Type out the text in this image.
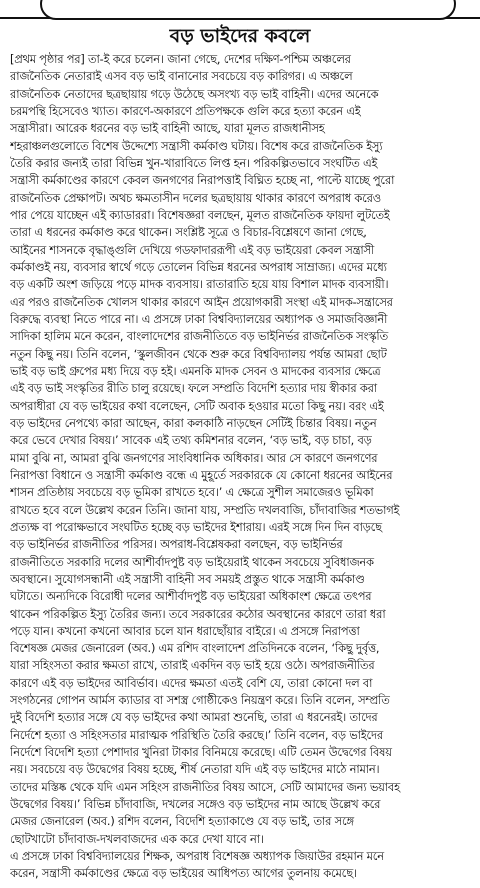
বড় ভাইদের কবলে
[প্রথম পৃষ্ঠার পর] তা-ই করে চলেন। জানা গেছে, দেশের দক্ষিণ-পশ্চিম অঞ্চলের
রাজনৈতিক নেতারাই এসব বড় ভাই বানানোর সবচেয়ে বড় কারিগর। এ অঞ্চলে
রাজনৈতিক নেতাদের ছত্রছায়ায় গড়ে উঠেছে অসংখ্য বড় ভাই বাহিনী। এদের অনেকে
চরমপন্থি হিসেবেও খ্যাত। কারণে-অকারণে প্রতিপক্ষকে গুলি করে হত্যা করেন এই
সন্ত্রাসীরা। আরেক ধরনের বড় ভাই বাহিনী আছে, যারা মূলত রাজধানীসহ
শহরাঞ্চলগুলোতে বিশেষ উদ্দেশ্যে সন্ত্রাসী কর্মকাণ্ড ঘটায়। বিশেষ করে রাজনৈতিক ইস্যু
তৈরি করার জন্যই তারা বিভিন্ন খুন-খারাবিতে লিপ্ত হন। পরিকল্পিতভাবে সংঘটিত এই
সন্ত্রাসী কর্মকাণ্ডের কারণে কেবল জনগণের নিরাপত্তাই বিঘ্নিত হচ্ছে না, পাল্টে যাচ্ছে পুরো
রাজনৈতিক প্রেক্ষাপট। অথচ ক্ষমতাসীন দলের ছত্রছায়ায় থাকার কারণে অপরাধ করেও
পার পেয়ে যাচ্ছেন এই ক্যাডাররা। বিশেষজ্ঞরা বলছেন, মূলত রাজনৈতিক ফায়দা লুটতেই
তারা এ ধরনের কর্মকাণ্ড করে থাকেন। সংশ্লিষ্ট সূত্রে ও বিচার-বিশ্লেষণে জানা গেছে,
আইনের শাসনকে বৃদ্ধাঙ্গুলি দেখিয়ে গডফাদাররূপী এই বড় ভাইয়েরা কেবল সন্ত্রাসী
কর্মকাণ্ডই নয়, ব্যবসার স্বার্থে গড়ে তোলেন বিভিন্ন ধরনের অপরাধ সাম্রাজ্য। এদের মধ্যে
বড় একটি অংশ জড়িয়ে পড়ে মাদক ব্যবসায়। রাতারাতি হয়ে যায় বিশাল মাদক ব্যবসায়ী।
এর পরও রাজনৈতিক খোলস থাকার কারণে আইন প্রয়োগকারী সংস্থা এই মাদক-সন্ত্রাসের
বিরুদ্ধে ব্যবস্থা নিতে পারে না। এ প্রসঙ্গে ঢাকা বিশ্ববিদ্যালয়ের অধ্যাপক ও সমাজবিজ্ঞানী
সাদিকা হালিম মনে করেন, বাংলাদেশের রাজনীতিতে বড় ভাইনির্ভর রাজনৈতিক সংস্কৃতি
নতুন কিছু নয়। তিনি বলেন, ‘স্কুলজীবন থেকে শুরু করে বিশ্ববিদ্যালয় পর্যন্ত আমরা ছোট
ভাই বড় ভাই গ্রুপের মধ্য দিয়ে বড় হই। এমনকি মাদক সেবন ও মাদকের ব্যবসার ক্ষেত্রে
এই বড় ভাই সংস্কৃতির রীতি চালু রয়েছে। ফলে সম্প্রতি বিদেশি হত্যার দায় স্বীকার করা
অপরাধীরা যে বড় ভাইয়ের কথা বলেছেন, সেটি অবাক হওয়ার মতো কিছু নয়। বরং এই
বড় ভাইদের নেপথ্যে কারা আছেন, কারা কলকাঠি নাড়ছেন সেটিই চিন্তার বিষয়। নতুন
করে ভেবে দেখার বিষয়।’ সাবেক এই তথ্য কমিশনার বলেন, ‘বড় ভাই, বড় চাচা, বড়
মামা বুঝি না, আমরা বুঝি জনগণের সাংবিধানিক অধিকার। আর সে কারণে জনগণের
নিরাপত্তা বিধানে ও সন্ত্রাসী কর্মকাণ্ড বন্ধে এ মুহূর্তে সরকারকে যে কোনো ধরনের আইনের
শাসন প্রতিষ্ঠায় সবচেয়ে বড় ভূমিকা রাখতে হবে।’ এ ক্ষেত্রে সুশীল সমাজেরও ভূমিকা
রাখতে হবে বলে উল্লেখ করেন তিনি। জানা যায়, সম্প্রতি দখলবাজি, চাঁদাবাজির শতভাগই
প্রত্যক্ষ বা পরোক্ষভাবে সংঘটিত হচ্ছে বড় ভাইদের ইশারায়। এরই সঙ্গে দিন দিন বাড়ছে
বড় ভাইনির্ভর রাজনীতির পরিসর। অপরাধ-বিশ্লেষকরা বলছেন, বড় ভাইনির্ভর
রাজনীতিতে সরকারি দলের আশীর্বাদপুষ্ট বড় ভাইয়েরাই থাকেন সবচেয়ে সুবিধাজনক
অবস্থানে। সুযোগসন্ধানী এই সন্ত্রাসী বাহিনী সব সময়ই প্রস্তুত থাকে সন্ত্রাসী কর্মকাণ্ড
ঘটাতে। অন্যদিকে বিরোধী দলের আশীর্বাদপুষ্ট বড় ভাইয়েরা অধিকাংশ ক্ষেত্রে তৎপর
থাকেন পরিকল্পিত ইস্যু তৈরির জন্য। তবে সরকারের কঠোর অবস্থানের কারণে তারা ধরা
পড়ে যান। কখনো কখনো আবার চলে যান ধরাছোঁয়ার বাইরে। এ প্রসঙ্গে নিরাপত্তা
বিশেষজ্ঞ মেজর জেনারেল (অব.) এম রশিদ বাংলাদেশ প্রতিদিনকে বলেন, ‘কিছু দুর্বৃত্ত,
যারা সহিংসতা করার ক্ষমতা রাখে, তারাই একদিন বড় ভাই হয়ে ওঠে। অপরাজনীতির
কারণে এই বড় ভাইদের আবির্ভাব। এদের ক্ষমতা এতই বেশি যে, তারা কোনো দল বা
সংগঠনের গোপন আর্মস ক্যাডার বা সশস্ত্র গোষ্ঠীকেও নিয়ন্ত্রণ করে। তিনি বলেন, সম্প্রতি
দুই বিদেশি হত্যার সঙ্গে যে বড় ভাইদের কথা আমরা শুনেছি, তারা এ ধরনেরই। তাদের
নির্দেশে হত্যা ও সহিংসতার মারাত্মক পরিস্থিতি তৈরি করছে।’ তিনি বলেন, বড় ভাইদের
নির্দেশে বিদেশি হত্যা পেশাদার খুনিরা টাকার বিনিময়ে করেছে। এটি তেমন উদ্বেগের বিষয়
নয়। সবচেয়ে বড় উদ্বেগের বিষয় হচ্ছে, শীর্ষ নেতারা যদি এই বড় ভাইদের মাঠে নামান।
তাদের মস্তিষ্ক থেকে যদি এমন সহিংস রাজনীতির বিষয় আসে, সেটি আমাদের জন্য ভয়াবহ
উদ্বেগের বিষয়।’ বিভিন্ন চাঁদাবাজি, দখলের সঙ্গেও বড় ভাইদের নাম আছে উল্লেখ করে
মেজর জেনারেল (অব.) রশিদ বলেন, বিদেশি হত্যাকাণ্ডে যে বড় ভাই, তার সঙ্গে
ছোটখাটো চাঁদাবাজ-দখলবাজদের এক করে দেখা যাবে না।
এ প্রসঙ্গে ঢাকা বিশ্ববিদ্যালয়ের শিক্ষক, অপরাধ বিশেষজ্ঞ অধ্যাপক জিয়াউর রহমান মনে
করেন, সন্ত্রাসী কর্মকাণ্ডের ক্ষেত্রে বড় ভাইয়ের আধিপত্য আগের তুলনায় কমেছে।
